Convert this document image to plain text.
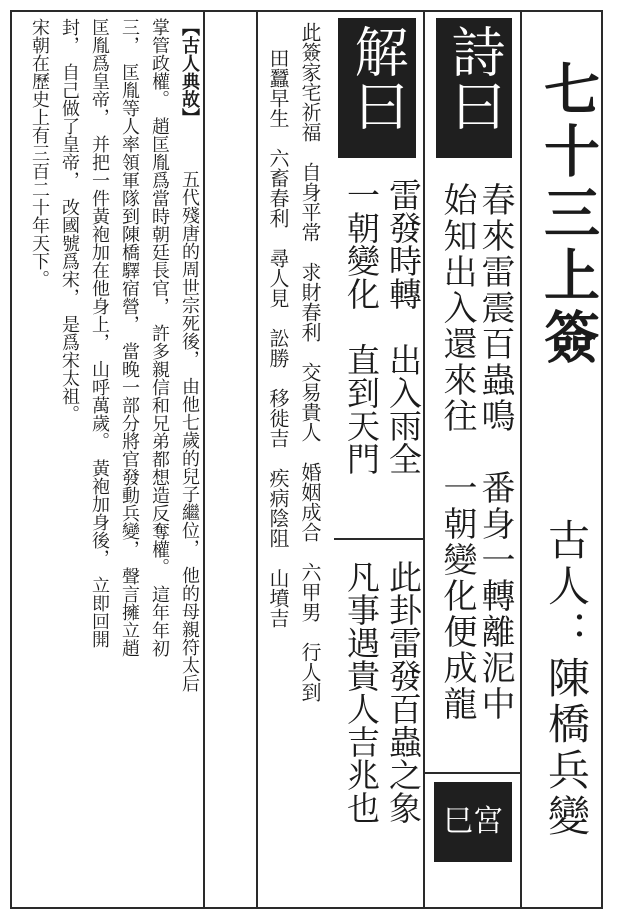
七十三上簽
古人：陳橋兵變
詩曰
春來雷震百蟲鳴　番身一轉離泥中
始知出入還來往　一朝變化便成龍
巳宮
解曰
雷發時轉　出入雨全
一朝變化　直到天門
此卦雷發百蟲之象
凡事遇貴人吉兆也
此簽家宅祈福　自身平常　求財春利　交易貴人　婚姻成合　六甲男　行人到
田蠶早生　六畜春利　尋人見　訟勝　移徙吉　疾病陰阻　山墳吉
【古人典故】
五代殘唐的周世宗死後，　由他七歲的兒子繼位，　他的母親符太后
掌管政權。　趙匡胤爲當時朝廷長官，　許多親信和兄弟都想造反奪權。　這年年初
三，　匡胤等人率領軍隊到陳橋驛宿營，　當晚一部分將官發動兵變，　聲言擁立趙
匡胤爲皇帝，　并把一件黃袍加在他身上，　山呼萬歲。　黃袍加身後，　立即回開
封，　自己做了皇帝，　改國號爲宋，　是爲宋太祖。
宋朝在歷史上有三百二十年天下。
